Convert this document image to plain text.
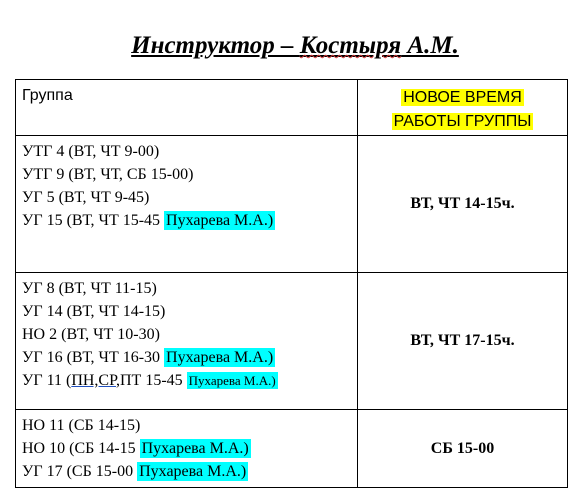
Инструктор – Костыря А.М.
Группа	НОВОЕ ВРЕМЯ
РАБОТЫ ГРУППЫ

УТГ 4 (ВТ, ЧТ 9-00)
УТГ 9 (ВТ, ЧТ, СБ 15-00)
УГ 5 (ВТ, ЧТ 9-45)
УГ 15 (ВТ, ЧТ 15-45 Пухарева М.А.)	ВТ, ЧТ 14-15ч.

УГ 8 (ВТ, ЧТ 11-15)
УГ 14 (ВТ, ЧТ 14-15)
НО 2 (ВТ, ЧТ 10-30)
УГ 16 (ВТ, ЧТ 16-30 Пухарева М.А.)
УГ 11 (ПН,СР,ПТ 15-45 Пухарева М.А.)	ВТ, ЧТ 17-15ч.

НО 11 (СБ 14-15)
НО 10 (СБ 14-15 Пухарева М.А.)
УГ 17 (СБ 15-00 Пухарева М.А.)	СБ 15-00
